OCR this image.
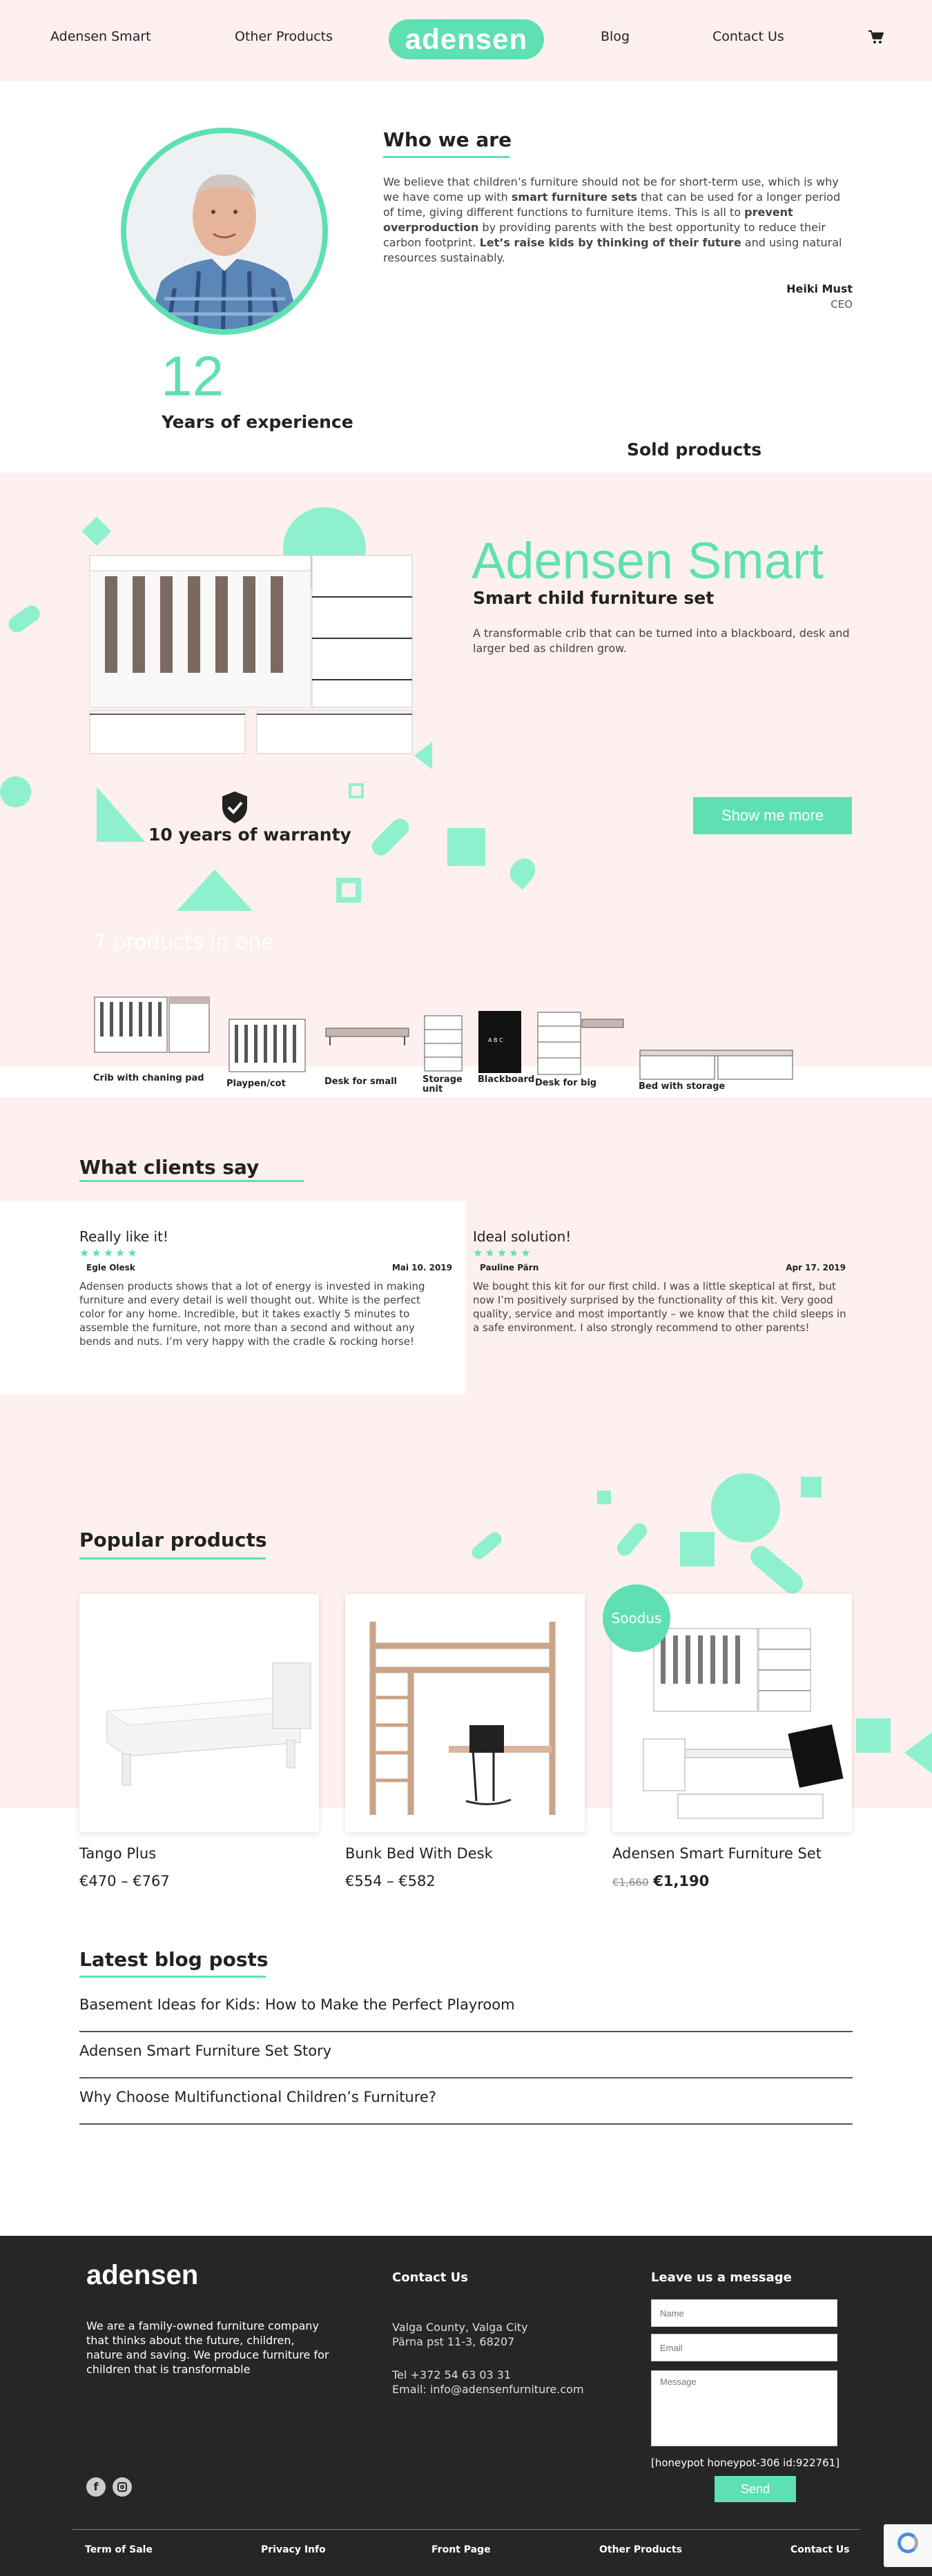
Adensen Smart	Other Products	adensen	Blog	Contact Us
Who we are

We believe that children’s furniture should not be for short-term use, which is why we have come up with smart furniture sets that can be used for a longer period of time, giving different functions to furniture items. This is all to prevent overproduction by providing parents with the best opportunity to reduce their carbon footprint. Let’s raise kids by thinking of their future and using natural resources sustainably.

Heiki Must
CEO
12
Years of experience
Sold products
10 years of warranty
Adensen Smart
Smart child furniture set
A transformable crib that can be turned into a blackboard, desk and larger bed as children grow.
Show me more
7 products in one
Crib with chaning pad
Playpen/cot	Desk for small	Storage unit
A B C
Blackboard Desk for big	Bed with storage
What clients say
Really like it!
★★★★★
Egle Olesk	Mai 10. 2019
Adensen products shows that a lot of energy is invested in making furniture and every detail is well thought out. White is the perfect color for any home. Incredible, but it takes exactly 5 minutes to assemble the furniture, not more than a second and without any bends and nuts. I’m very happy with the cradle & rocking horse!
Ideal solution!
★★★★★
Pauline Pärn	Apr 17. 2019
We bought this kit for our first child. I was a little skeptical at first, but now I’m positively surprised by the functionality of this kit. Very good quality, service and most importantly – we know that the child sleeps in a safe environment. I also strongly recommend to other parents!
Popular products
Tango Plus
€470 – €767
Bunk Bed With Desk
€554 – €582
Soodus
Adensen Smart Furniture Set
€1,660 €1,190
Latest blog posts
Basement Ideas for Kids: How to Make the Perfect Playroom
Adensen Smart Furniture Set Story
Why Choose Multifunctional Children’s Furniture?
adensen
We are a family-owned furniture company that thinks about the future, children, nature and saving. We produce furniture for children that is transformable
Contact Us
Valga County, Valga City
Pärna pst 11-3, 68207
Tel +372 54 63 03 31
Email: info@adensenfurniture.com
Leave us a message
Name
Email
Message
[honeypot honeypot-306 id:922761]
Send
f
Term of Sale	Privacy Info	Front Page	Other Products	Contact Us
